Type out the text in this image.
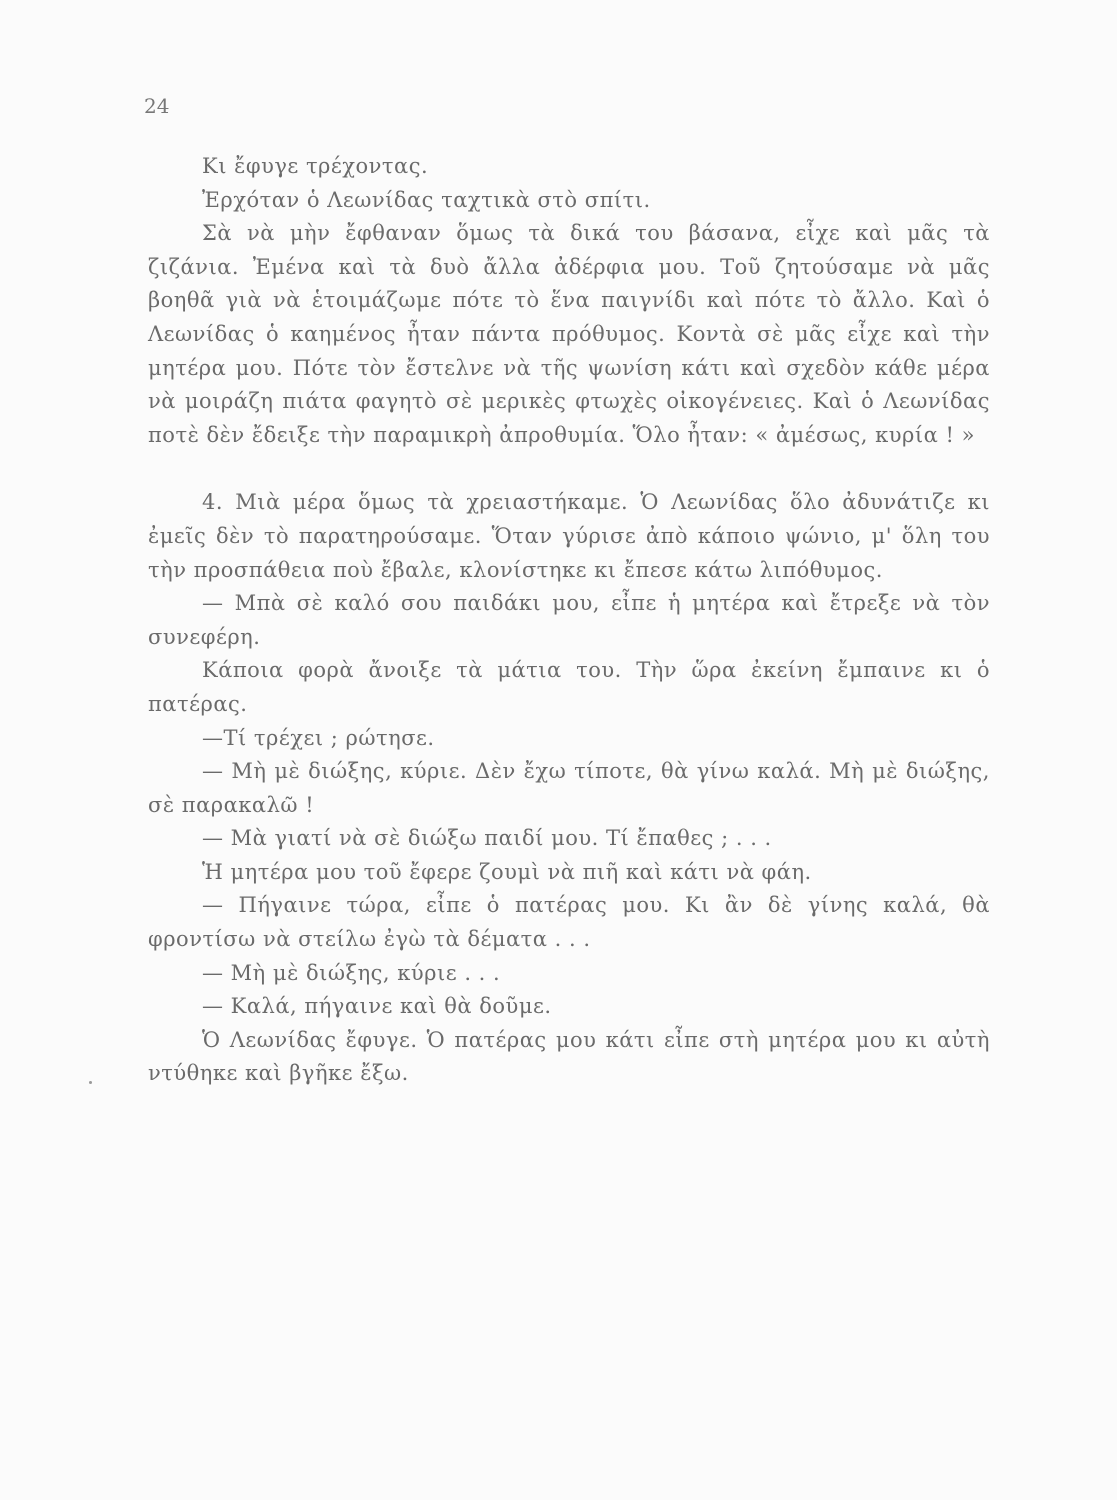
24

Κι ἔφυγε τρέχοντας.

Ἐρχόταν ὁ Λεωνίδας ταχτικὰ στὸ σπίτι.

Σὰ νὰ μὴν ἔφθαναν ὅμως τὰ δικά του βάσανα, εἶχε καὶ μᾶς τὰ ζιζάνια. Ἐμένα καὶ τὰ δυὸ ἄλλα ἀδέρφια μου. Τοῦ ζητούσαμε νὰ μᾶς βοηθᾶ γιὰ νὰ ἑτοιμάζωμε πότε τὸ ἕνα παιγνίδι καὶ πότε τὸ ἄλλο. Καὶ ὁ Λεωνίδας ὁ καημένος ἦταν πάντα πρόθυμος. Κοντὰ σὲ μᾶς εἶχε καὶ τὴν μητέρα μου. Πότε τὸν ἔστελνε νὰ τῆς ψωνίση κάτι καὶ σχεδὸν κάθε μέρα νὰ μοιράζη πιάτα φαγητὸ σὲ μερικὲς φτωχὲς οἰκογένειες. Καὶ ὁ Λεωνίδας ποτὲ δὲν ἔδειξε τὴν παραμικρὴ ἀπροθυμία. Ὅλο ἦταν: « ἀμέσως, κυρία ! »

4. Μιὰ μέρα ὅμως τὰ χρειαστήκαμε. Ὁ Λεωνίδας ὅλο ἀδυνάτιζε κι ἐμεῖς δὲν τὸ παρατηρούσαμε. Ὅταν γύρισε ἀπὸ κάποιο ψώνιο, μ' ὅλη του τὴν προσπάθεια ποὺ ἔβαλε, κλονίστηκε κι ἔπεσε κάτω λιπόθυμος.

— Μπὰ σὲ καλό σου παιδάκι μου, εἶπε ἡ μητέρα καὶ ἔτρεξε νὰ τὸν συνεφέρη.

Κάποια φορὰ ἄνοιξε τὰ μάτια του. Τὴν ὥρα ἐκείνη ἔμπαινε κι ὁ πατέρας.

—Τί τρέχει ; ρώτησε.

— Μὴ μὲ διώξης, κύριε. Δὲν ἔχω τίποτε, θὰ γίνω καλά. Μὴ μὲ διώξης, σὲ παρακαλῶ !

— Μὰ γιατί νὰ σὲ διώξω παιδί μου. Τί ἔπαθες ; . . .

Ἡ μητέρα μου τοῦ ἔφερε ζουμὶ νὰ πιῆ καὶ κάτι νὰ φάη.

— Πήγαινε τώρα, εἶπε ὁ πατέρας μου. Κι ἂν δὲ γίνης καλά, θὰ φροντίσω νὰ στείλω ἐγὼ τὰ δέματα . . .

— Μὴ μὲ διώξης, κύριε . . .

— Καλά, πήγαινε καὶ θὰ δοῦμε.

Ὁ Λεωνίδας ἔφυγε. Ὁ πατέρας μου κάτι εἶπε στὴ μητέρα μου κι αὐτὴ ντύθηκε καὶ βγῆκε ἔξω.
